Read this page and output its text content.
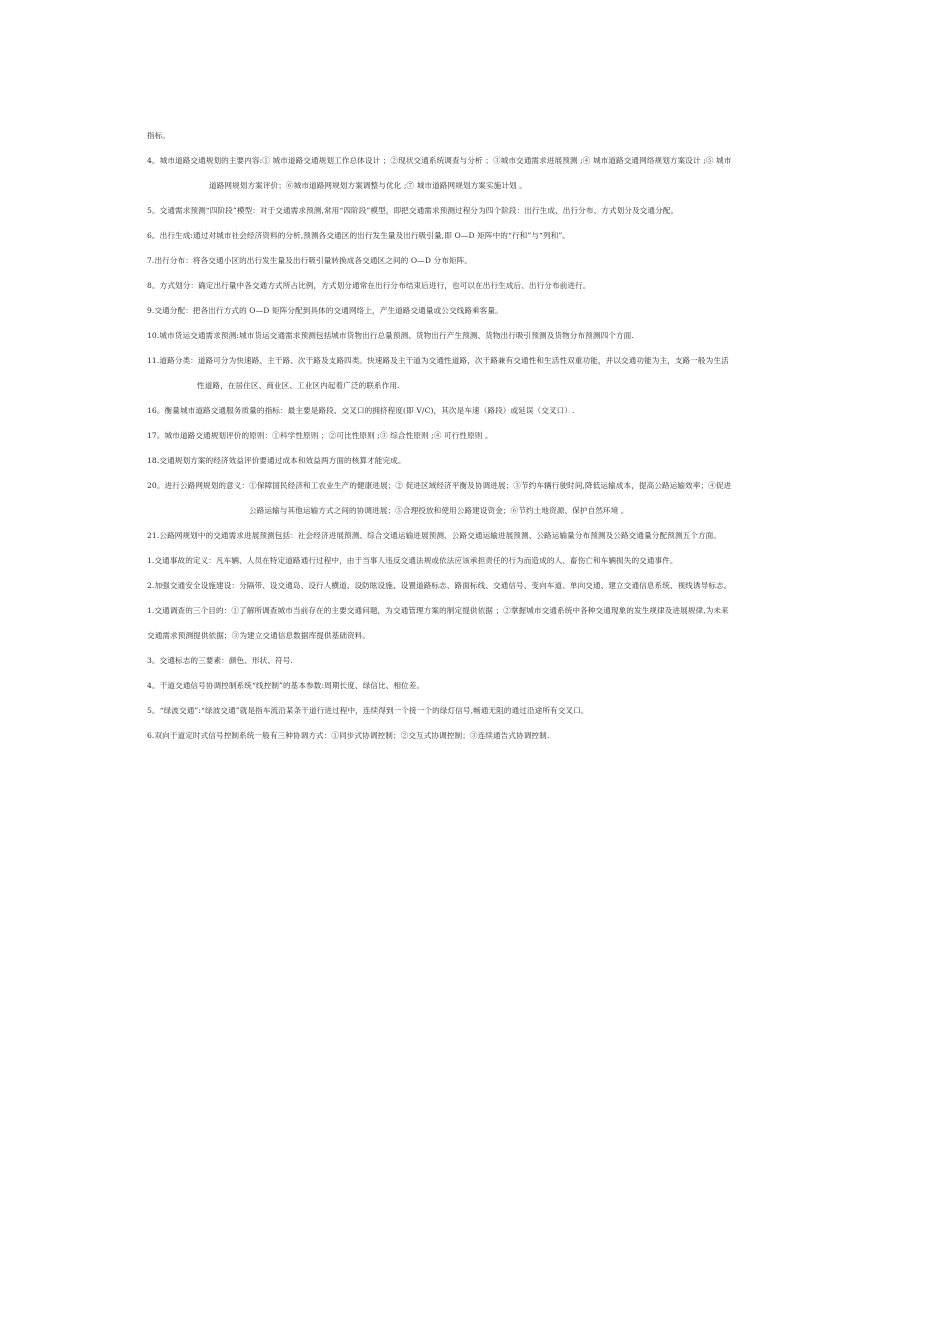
指标。
4。城市道路交通规划的主要内容:① 城市道路交通规划工作总体设计 ；②现状交通系统调查与分析 ；③城市交通需求进展预测 ;④ 城市道路交通网络规划方案设计 ;⑤ 城市
道路网规划方案评价；⑥城市道路网规划方案调整与优化 ;⑦ 城市道路网规划方案实施计划 。
5。交通需求预测“四阶段”模型：对于交通需求预测,常用“四阶段”模型，即把交通需求预测过程分为四个阶段：出行生成、出行分布、方式划分及交通分配。
6。出行生成:通过对城市社会经济资料的分析,预测各交通区的出行发生量及出行吸引量,即 O—D 矩阵中的“行和”与“列和”。
7.出行分布：将各交通小区的出行发生量及出行吸引量转换成各交通区之间的 O—D 分布矩阵。
8。方式划分：确定出行量中各交通方式所占比例，方式划分通常在出行分布结束后进行，也可以在出行生成后、出行分布前进行。
9.交通分配：把各出行方式的 O—D 矩阵分配到具体的交通网络上，产生道路交通量或公交线路乘客量。
10.城市货运交通需求预测:城市货运交通需求预测包括城市货物出行总量预测、货物出行产生预测、货物出行吸引预测及货物分布预测四个方面.
11.道路分类：道路可分为快速路、主干路、次干路及支路四类。快速路及主干道为交通性道路，次干路兼有交通性和生活性双重功能，并以交通功能为主，支路一般为生活
性道路，在居住区、商业区、工业区内起着广泛的联系作用.
16。衡量城市道路交通服务质量的指标：最主要是路段、交叉口的拥挤程度(即 V/C)，其次是车速（路段）或延误（交叉口）.
17。城市道路交通规划评价的原则：①科学性原则 ；②可比性原则 ;③ 综合性原则 ;④ 可行性原则 。
18.交通规划方案的经济效益评价要通过成本和效益两方面的核算才能完成。
20。进行公路网规划的意义：①保障国民经济和工农业生产的健康进展；② 促进区域经济平衡及协调进展；③节约车辆行驶时间,降低运输成本，提高公路运输效率；④促进
公路运输与其他运输方式之间的协调进展；⑤合理投放和使用公路建设资金；⑥节约土地资源、保护自然环境 。
21.公路网规划中的交通需求进展预测包括：社会经济进展预测、综合交通运输进展预测、公路交通运输进展预测、公路运输量分布预测及公路交通量分配预测五个方面。
1.交通事故的定义：凡车辆、人员在特定道路通行过程中，由于当事人违反交通法规或依法应该承担责任的行为而造成的人、畜伤亡和车辆损失的交通事件。
2.加强交通安全设施建设：分隔带、设交通岛、设行人横道、设防眩设施、设置道路标志、路面标线、交通信号、变向车道、单向交通、建立交通信息系统、视线诱导标志。
1.交通调查的三个目的：①了解所调查城市当前存在的主要交通问题，为交通管理方案的制定提供依据 ；②掌握城市交通系统中各种交通现象的发生规律及进展规律,为未来
交通需求预测提供依据；③为建立交通信息数据库提供基础资料。
3。交通标志的三要素：颜色、形状、符号.
4。干道交通信号协调控制系统“线控制”的基本参数:周期长度、绿信比、相位差。
5。“绿波交通”:“绿波交通”就是指车流沿某条干道行进过程中，连续得到一个接一个的绿灯信号,畅通无阻的通过沿途所有交叉口。
6.双向干道定时式信号控制系统一般有三种协调方式：①同步式协调控制；②交互式协调控制；③连续通告式协调控制.
